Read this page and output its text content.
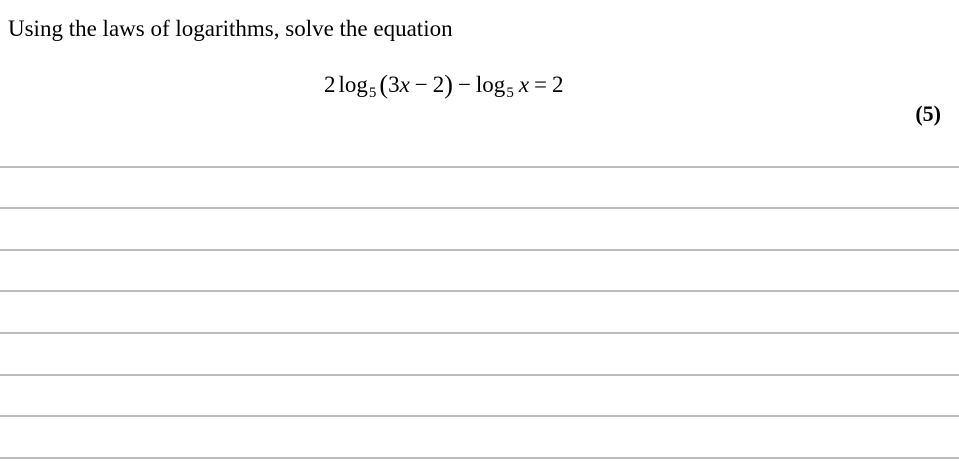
Using the laws of logarithms, solve the equation
2 $\log_5 (3x - 2) - \log_5 x = 2$
(5)
